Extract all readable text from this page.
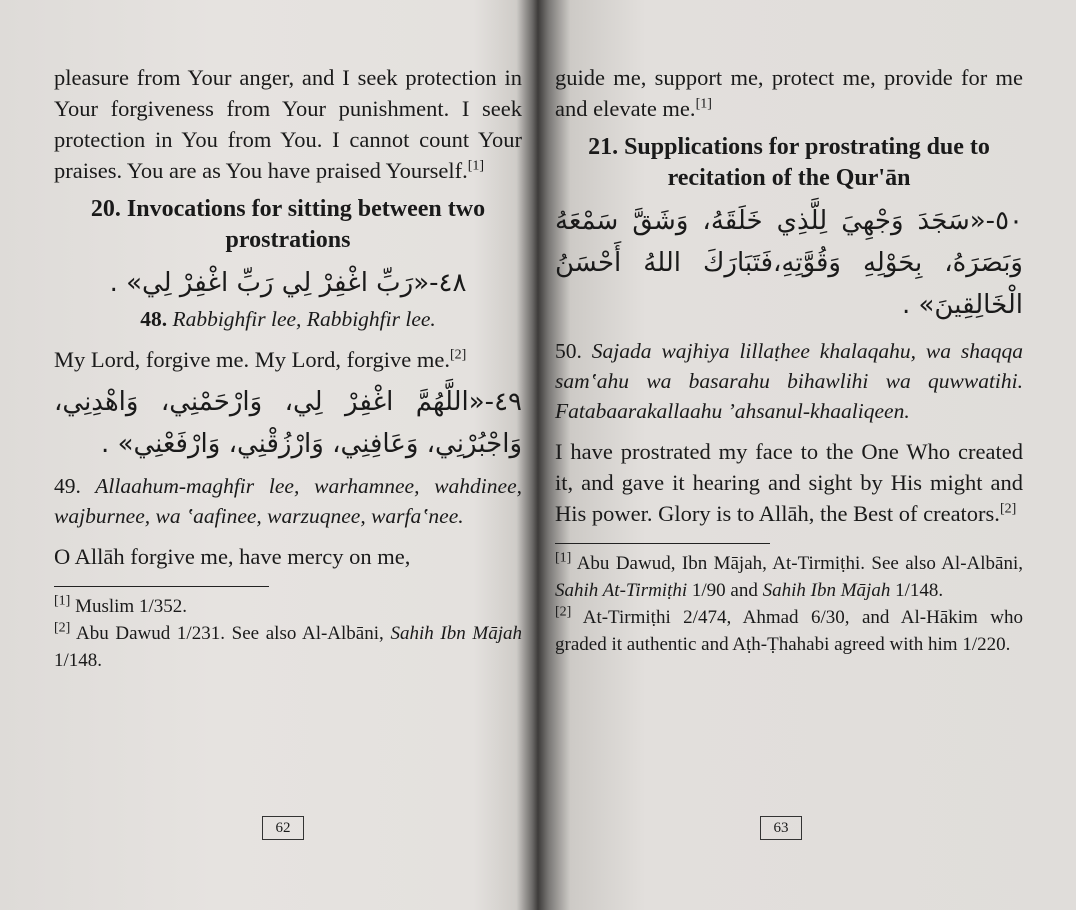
pleasure from Your anger, and I seek protection in Your forgiveness from Your punishment. I seek protection in You from You. I cannot count Your praises. You are as You have praised Yourself.[1]

20. Invocations for sitting between two prostrations

٤٨-«رَبِّ اغْفِرْ لِي رَبِّ اغْفِرْ لِي» .

48. Rabbighfir lee, Rabbighfir lee.

My Lord, forgive me. My Lord, forgive me.[2]

٤٩-«اللَّهُمَّ اغْفِرْ لِي، وَارْحَمْنِي، وَاهْدِنِي، وَاجْبُرْنِي، وَعَافِنِي، وَارْزُقْنِي، وَارْفَعْنِي» .

49. Allaahum-maghfir lee, warhamnee, wahdinee, wajburnee, wa ʽaafinee, warzuqnee, warfaʽnee.

O Allāh forgive me, have mercy on me,

[1] Muslim 1/352.

[2] Abu Dawud 1/231. See also Al-Albāni, Sahih Ibn Mājah 1/148.

62

guide me, support me, protect me, provide for me and elevate me.[1]

21. Supplications for prostrating due to recitation of the Qur'ān

٥٠-«سَجَدَ وَجْهِيَ لِلَّذِي خَلَقَهُ، وَشَقَّ سَمْعَهُ وَبَصَرَهُ، بِحَوْلِهِ وَقُوَّتِهِ،فَتَبَارَكَ اللهُ أَحْسَنُ الْخَالِقِينَ» .

50. Sajada wajhiya lillaṭhee khalaqahu, wa shaqqa samʽahu wa basarahu bihawlihi wa quwwatihi. Fatabaarakallaahu ʼahsanul-khaaliqeen.

I have prostrated my face to the One Who created it, and gave it hearing and sight by His might and His power. Glory is to Allāh, the Best of creators.[2]

[1] Abu Dawud, Ibn Mājah, At-Tirmiṭhi. See also Al-Albāni, Sahih At-Tirmiṭhi 1/90 and Sahih Ibn Mājah 1/148.

[2] At-Tirmiṭhi 2/474, Ahmad 6/30, and Al-Hākim who graded it authentic and Aṭh-Ṭhahabi agreed with him 1/220.

63
